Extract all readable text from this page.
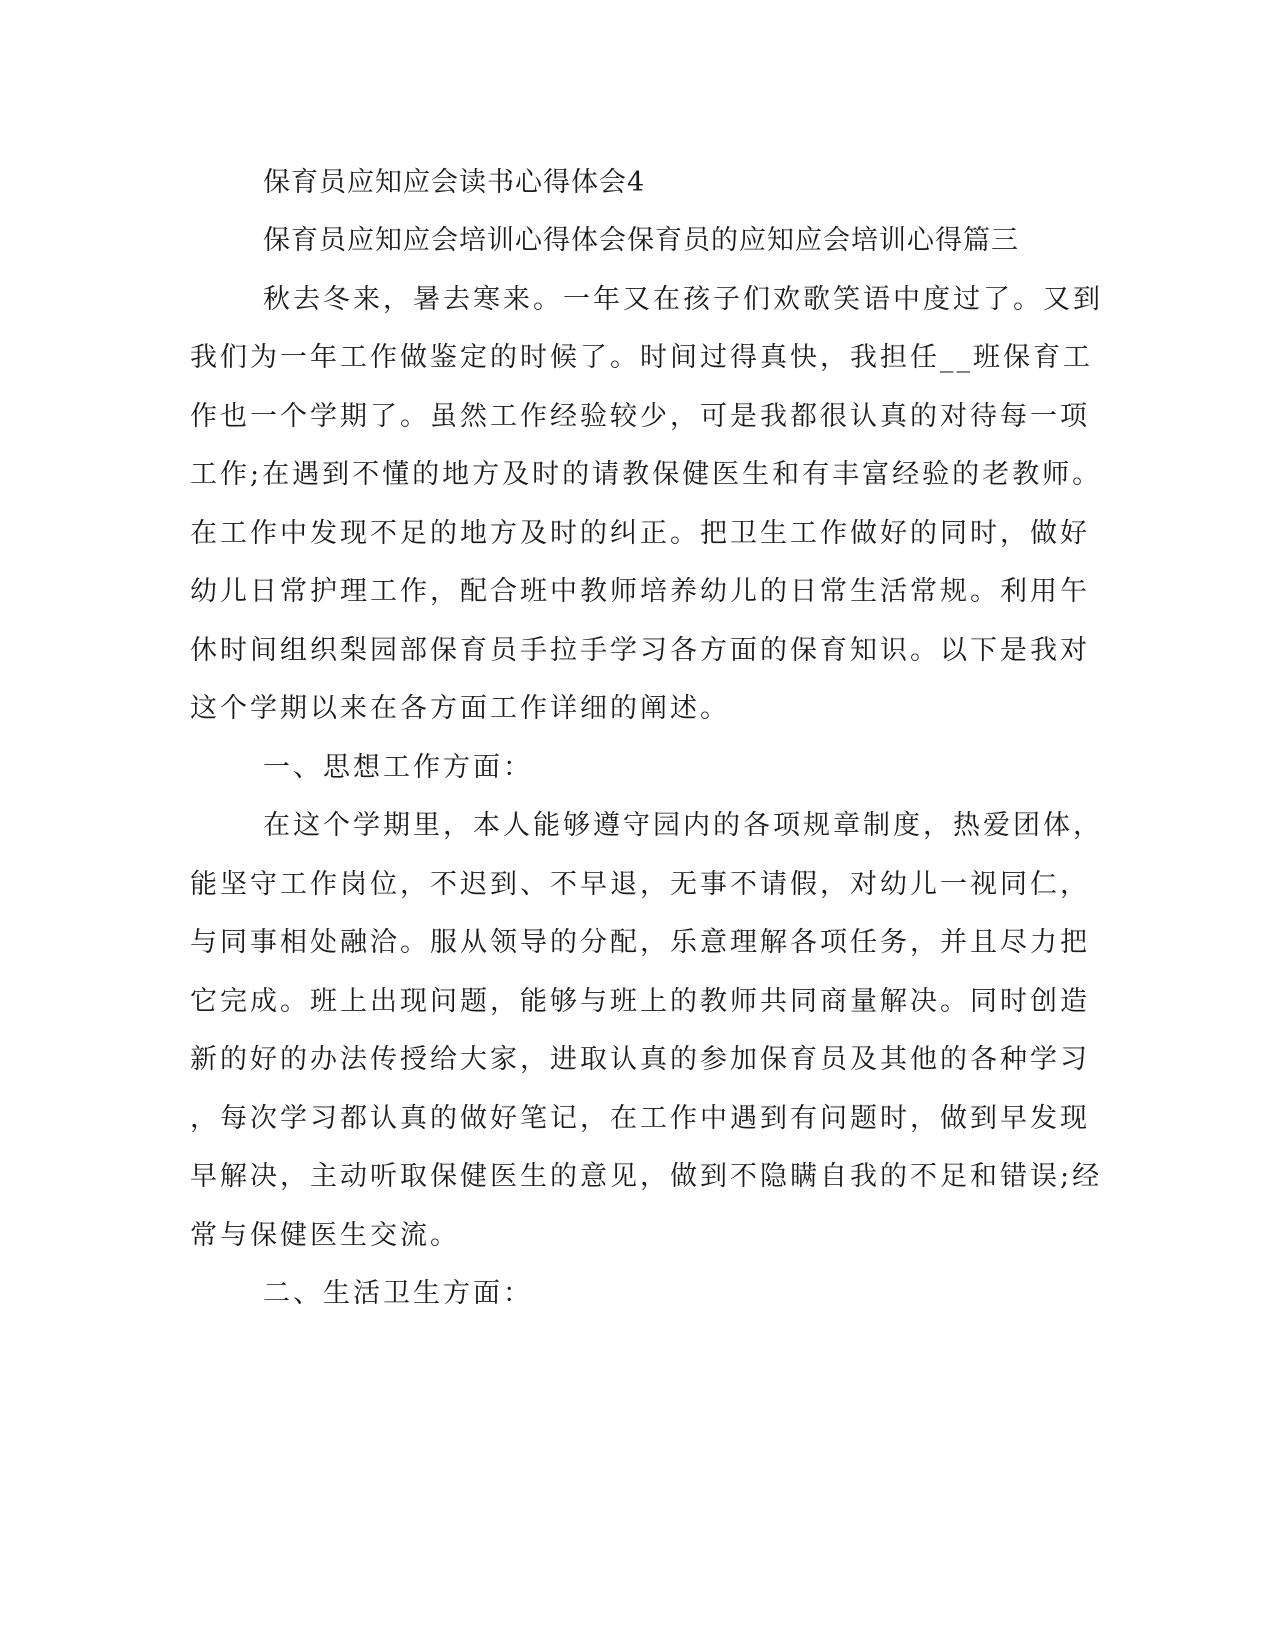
保育员应知应会读书心得体会4
保育员应知应会培训心得体会保育员的应知应会培训心得篇三
秋去冬来，暑去寒来。一年又在孩子们欢歌笑语中度过了。又到
我们为一年工作做鉴定的时候了。时间过得真快，我担任__班保育工
作也一个学期了。虽然工作经验较少，可是我都很认真的对待每一项
工作;在遇到不懂的地方及时的请教保健医生和有丰富经验的老教师。
在工作中发现不足的地方及时的纠正。把卫生工作做好的同时，做好
幼儿日常护理工作，配合班中教师培养幼儿的日常生活常规。利用午
休时间组织梨园部保育员手拉手学习各方面的保育知识。以下是我对
这个学期以来在各方面工作详细的阐述。
一、思想工作方面：
在这个学期里，本人能够遵守园内的各项规章制度，热爱团体，
能坚守工作岗位，不迟到、不早退，无事不请假，对幼儿一视同仁，
与同事相处融洽。服从领导的分配，乐意理解各项任务，并且尽力把
它完成。班上出现问题，能够与班上的教师共同商量解决。同时创造
新的好的办法传授给大家，进取认真的参加保育员及其他的各种学习
，每次学习都认真的做好笔记，在工作中遇到有问题时，做到早发现
早解决，主动听取保健医生的意见，做到不隐瞒自我的不足和错误;经
常与保健医生交流。
二、生活卫生方面：
